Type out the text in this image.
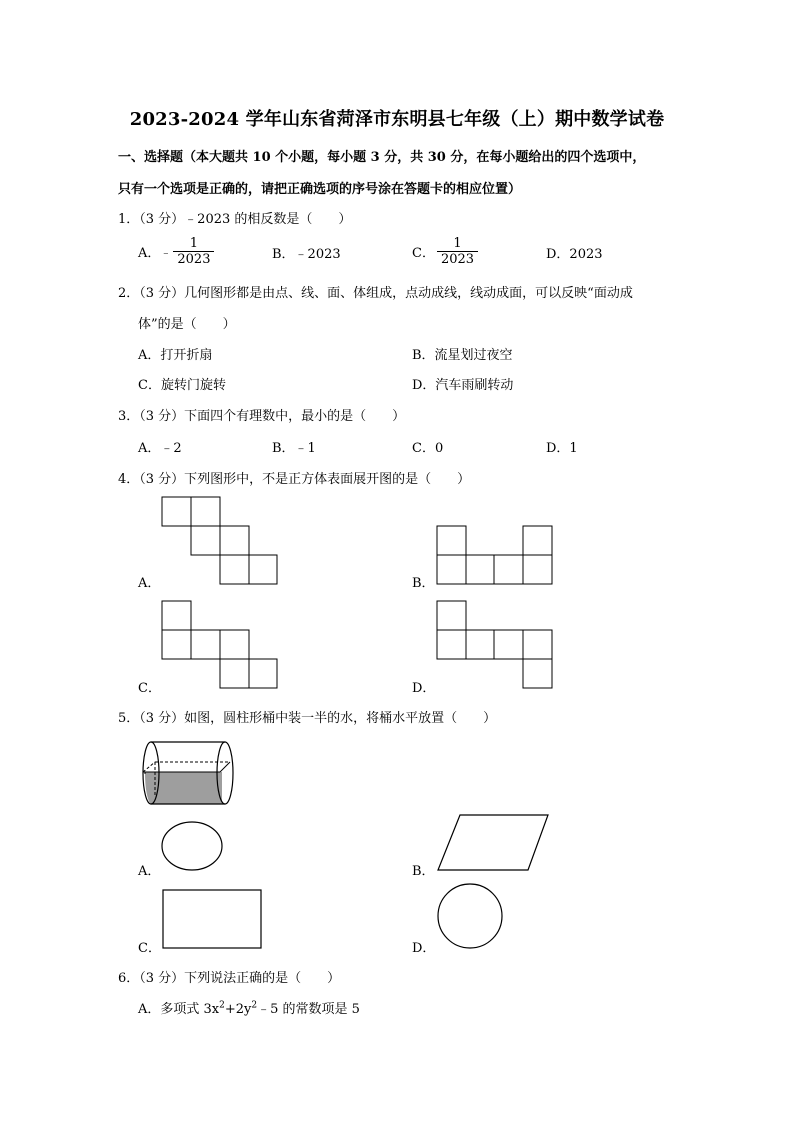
2023-2024 学年山东省菏泽市东明县七年级（上）期中数学试卷
一、选择题（本大题共 10 个小题，每小题 3 分，共 30 分，在每小题给出的四个选项中，
只有一个选项是正确的，请把正确选项的序号涂在答题卡的相应位置）
1．（3 分）﹣2023 的相反数是（　　）
A．﹣ $\frac{1}{2023}$	B．﹣2023	C． $\frac{1}{2023}$	D．2023
2．（3 分）几何图形都是由点、线、面、体组成，点动成线，线动成面，可以反映“面动成
体”的是（　　）
A．打开折扇	B．流星划过夜空
C．旋转门旋转	D．汽车雨刷转动
3．（3 分）下面四个有理数中，最小的是（　　）
A．﹣2	B．﹣1	C．0	D．1
4．（3 分）下列图形中，不是正方体表面展开图的是（　　）
A．	B．
C．	D．
5．（3 分）如图，圆柱形桶中装一半的水，将桶水平放置（　　）
A．	B．
C．	D．
6．（3 分）下列说法正确的是（　　）
A．多项式 $3x^2+2y^2﹣5$ 的常数项是 5
